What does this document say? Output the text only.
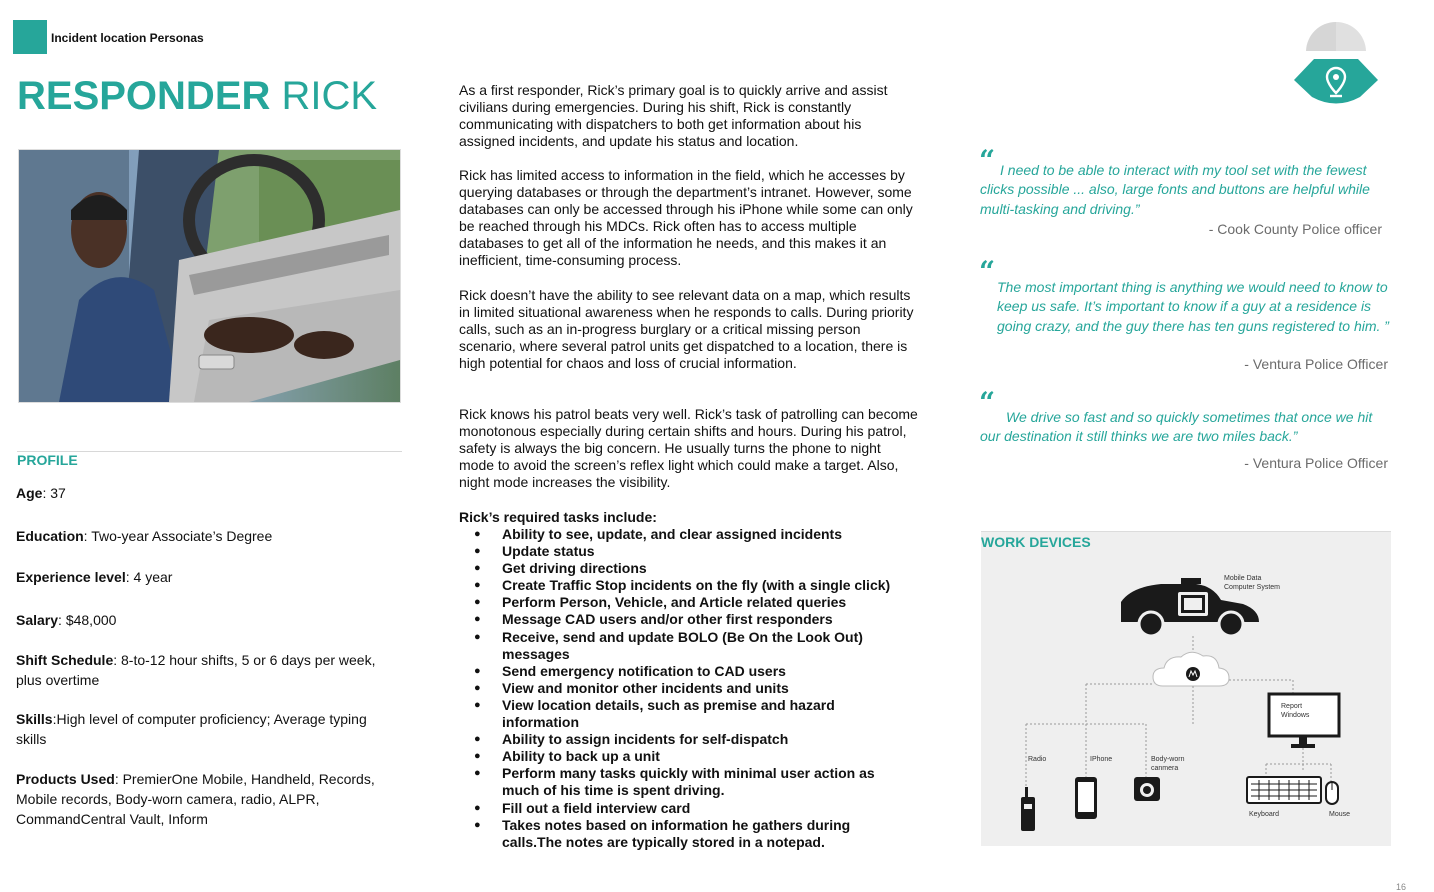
Incident location Personas
RESPONDER RICK
PROFILE
Age: 37
Education: Two-year Associate’s Degree
Experience level: 4 year
Salary: $48,000
Shift Schedule: 8-to-12 hour shifts, 5 or 6 days per week, plus overtime
Skills:High level of computer proficiency; Average typing skills
Products Used: PremierOne Mobile, Handheld, Records, Mobile records, Body-worn camera, radio, ALPR, CommandCentral Vault, Inform
As a first responder, Rick’s primary goal is to quickly arrive and assist civilians during emergencies. During his shift, Rick is constantly communicating with dispatchers to both get information about his assigned incidents, and update his status and location.
Rick has limited access to information in the field, which he accesses by querying databases or through the department’s intranet. However, some databases can only be accessed through his iPhone while some can only be reached through his MDCs. Rick often has to access multiple databases to get all of the information he needs, and this makes it an inefficient, time-consuming process.
Rick doesn’t have the ability to see relevant data on a map, which results in limited situational awareness when he responds to calls. During priority calls, such as an in-progress burglary or a critical missing person scenario, where several patrol units get dispatched to a location, there is high potential for chaos and loss of crucial information.
Rick knows his patrol beats very well. Rick’s task of patrolling can become monotonous especially during certain shifts and hours. During his patrol, safety is always the big concern. He usually turns the phone to night mode to avoid the screen’s reflex light which could make a target. Also, night mode increases the visibility.
Rick’s required tasks include:
● Ability to see, update, and clear assigned incidents
● Update status
● Get driving directions
● Create Traffic Stop incidents on the fly (with a single click)
● Perform Person, Vehicle, and Article related queries
● Message CAD users and/or other first responders
● Receive, send and update BOLO (Be On the Look Out) messages
● Send emergency notification to CAD users
● View and monitor other incidents and units
● View location details, such as premise and hazard information
● Ability to assign incidents for self-dispatch
● Ability to back up a unit
● Perform many tasks quickly with minimal user action as much of his time is spent driving.
● Fill out a field interview card
● Takes notes based on information he gathers during calls.The notes are typically stored in a notepad.
“ I need to be able to interact with my tool set with the fewest clicks possible ... also, large fonts and buttons are helpful while multi-tasking and driving.”
- Cook County Police officer
“ The most important thing is anything we would need to know to keep us safe. It’s important to know if a guy at a residence is going crazy, and the guy there has ten guns registered to him. ”
- Ventura Police Officer
“ We drive so fast and so quickly sometimes that once we hit our destination it still thinks we are two miles back.”
- Ventura Police Officer
Mobile Data
Computer System
Report
Windows
Radio	IPhone	Body-worn
canmera
Keyboard	Mouse
WORK DEVICES
16
